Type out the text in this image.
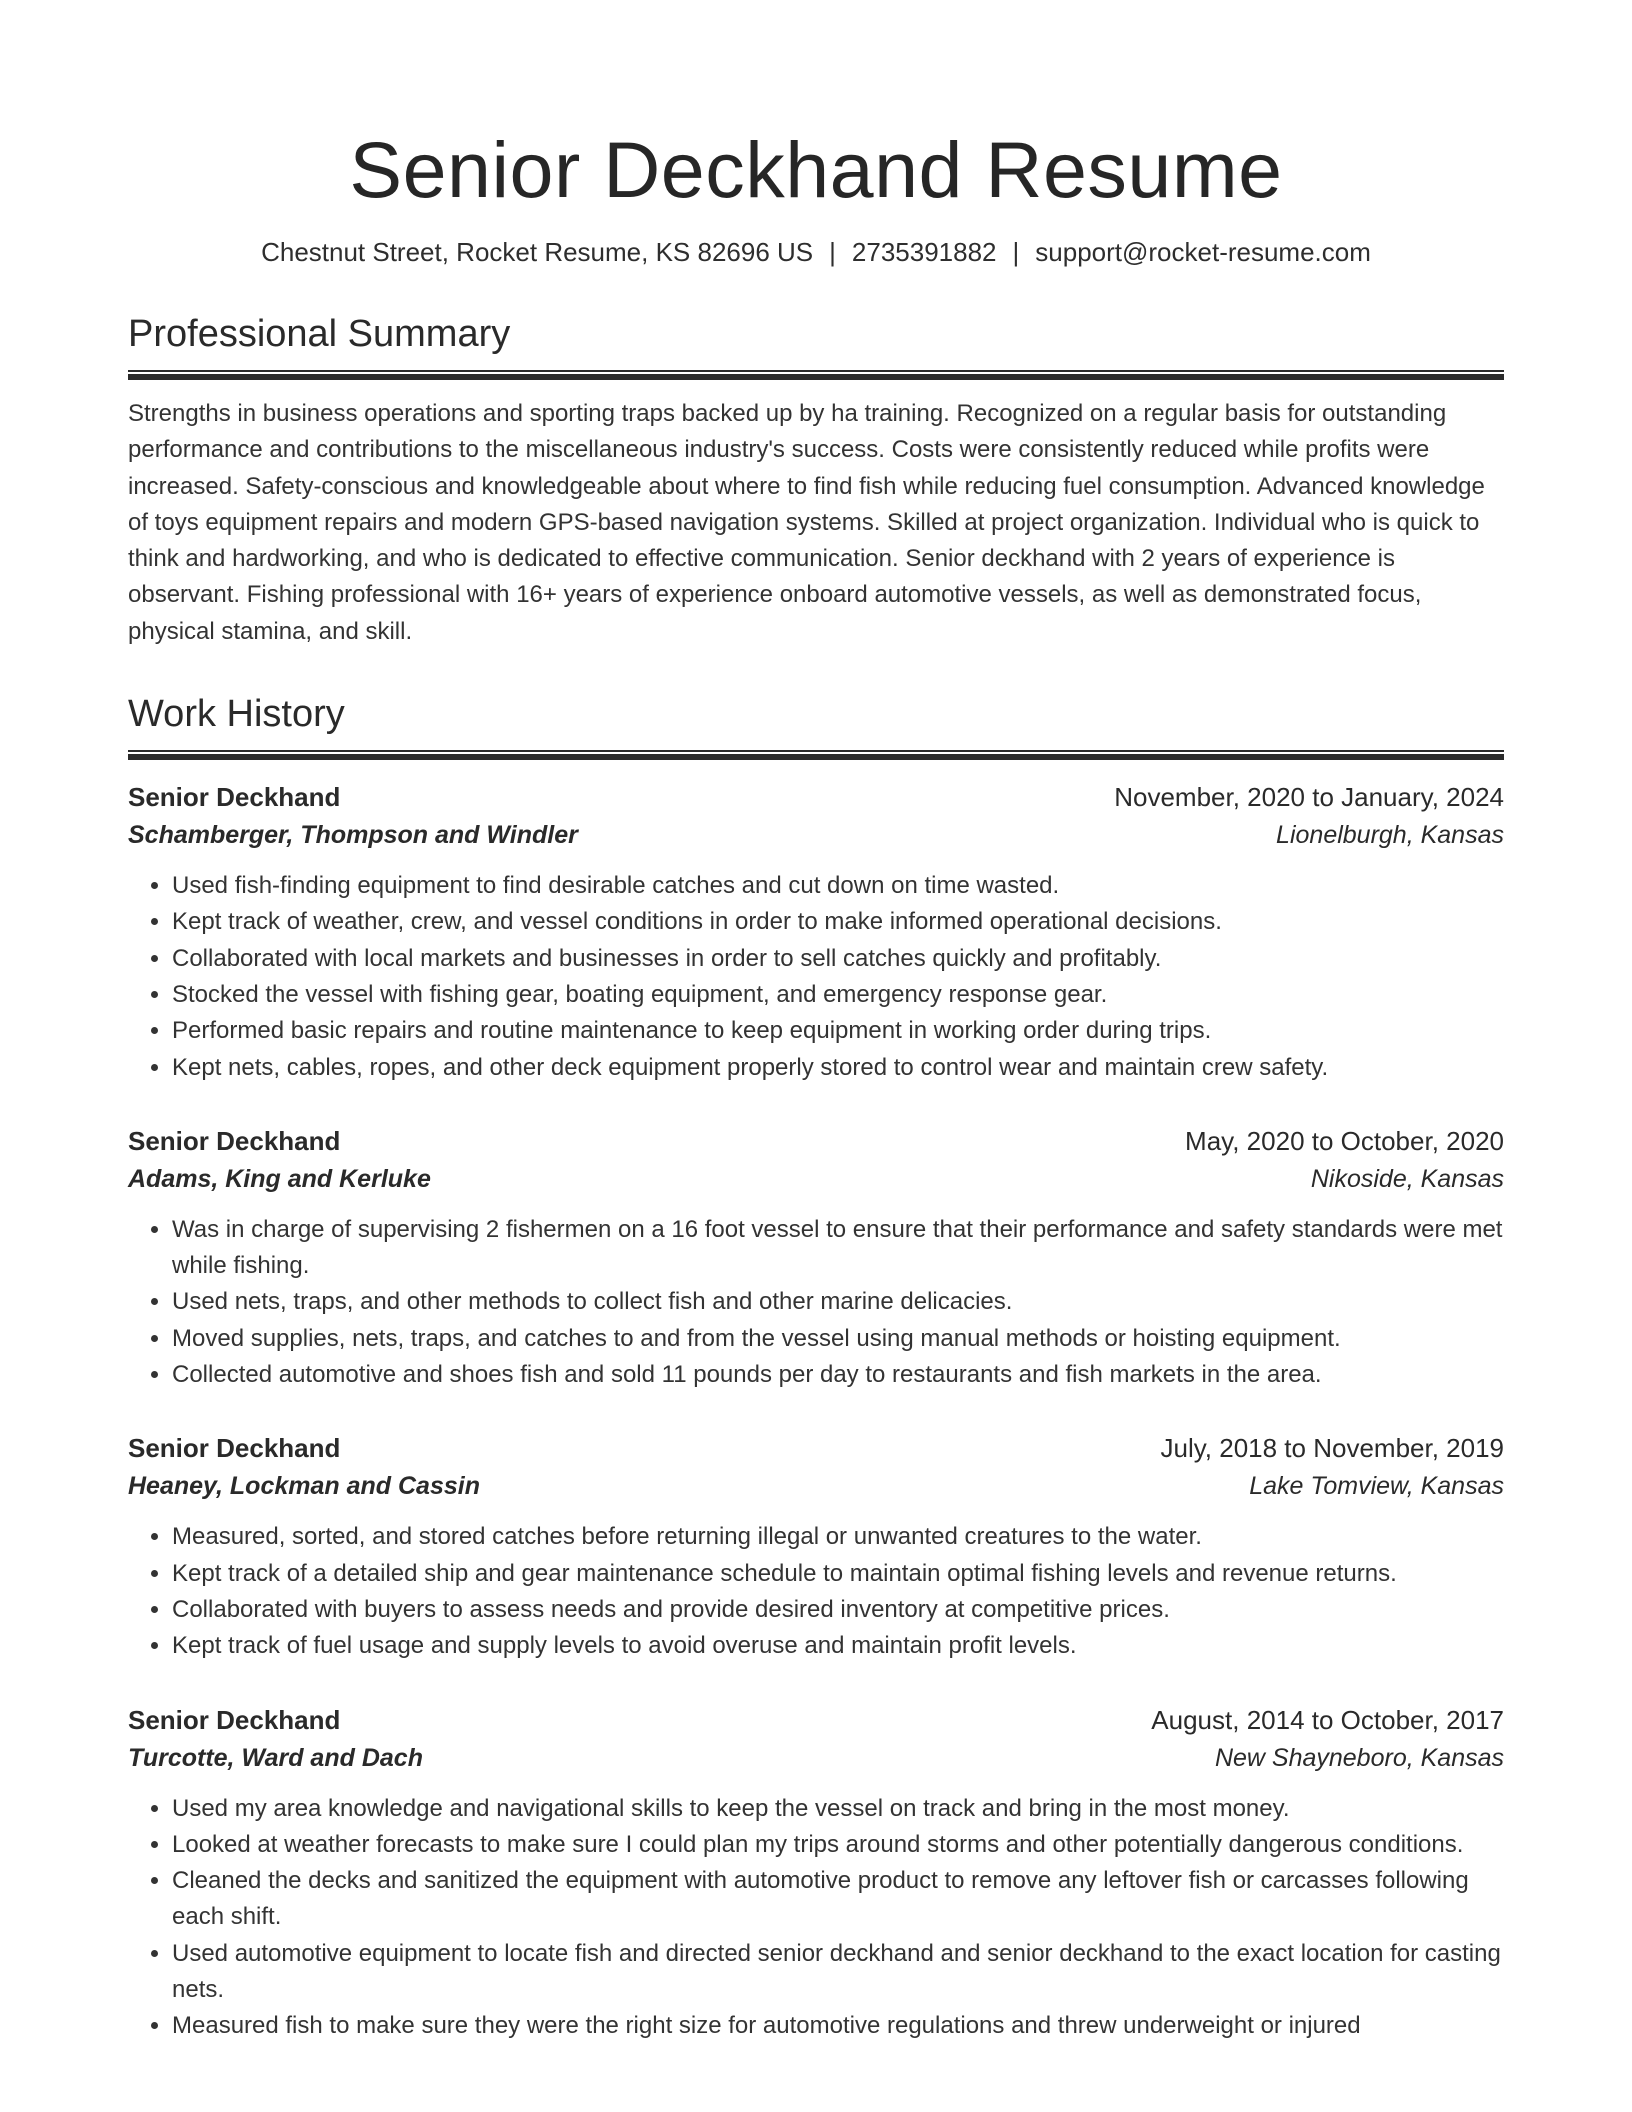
Senior Deckhand Resume
Chestnut Street, Rocket Resume, KS 82696 US | 2735391882 | support@rocket-resume.com
Professional Summary

Strengths in business operations and sporting traps backed up by ha training. Recognized on a regular basis for outstanding performance and contributions to the miscellaneous industry's success. Costs were consistently reduced while profits were increased. Safety-conscious and knowledgeable about where to find fish while reducing fuel consumption. Advanced knowledge of toys equipment repairs and modern GPS-based navigation systems. Skilled at project organization. Individual who is quick to think and hardworking, and who is dedicated to effective communication. Senior deckhand with 2 years of experience is observant. Fishing professional with 16+ years of experience onboard automotive vessels, as well as demonstrated focus, physical stamina, and skill.

Work History
Senior Deckhand	November, 2020 to January, 2024
Schamberger, Thompson and Windler	Lionelburgh, Kansas
• Used fish-finding equipment to find desirable catches and cut down on time wasted.
• Kept track of weather, crew, and vessel conditions in order to make informed operational decisions.
• Collaborated with local markets and businesses in order to sell catches quickly and profitably.
• Stocked the vessel with fishing gear, boating equipment, and emergency response gear.
• Performed basic repairs and routine maintenance to keep equipment in working order during trips.
• Kept nets, cables, ropes, and other deck equipment properly stored to control wear and maintain crew safety.
Senior Deckhand	May, 2020 to October, 2020
Adams, King and Kerluke	Nikoside, Kansas
• Was in charge of supervising 2 fishermen on a 16 foot vessel to ensure that their performance and safety standards were met while fishing.
• Used nets, traps, and other methods to collect fish and other marine delicacies.
• Moved supplies, nets, traps, and catches to and from the vessel using manual methods or hoisting equipment.
• Collected automotive and shoes fish and sold 11 pounds per day to restaurants and fish markets in the area.
Senior Deckhand	July, 2018 to November, 2019
Heaney, Lockman and Cassin	Lake Tomview, Kansas
• Measured, sorted, and stored catches before returning illegal or unwanted creatures to the water.
• Kept track of a detailed ship and gear maintenance schedule to maintain optimal fishing levels and revenue returns.
• Collaborated with buyers to assess needs and provide desired inventory at competitive prices.
• Kept track of fuel usage and supply levels to avoid overuse and maintain profit levels.
Senior Deckhand	August, 2014 to October, 2017
Turcotte, Ward and Dach	New Shayneboro, Kansas
• Used my area knowledge and navigational skills to keep the vessel on track and bring in the most money.
• Looked at weather forecasts to make sure I could plan my trips around storms and other potentially dangerous conditions.
• Cleaned the decks and sanitized the equipment with automotive product to remove any leftover fish or carcasses following each shift.
• Used automotive equipment to locate fish and directed senior deckhand and senior deckhand to the exact location for casting nets.
• Measured fish to make sure they were the right size for automotive regulations and threw underweight or injured
